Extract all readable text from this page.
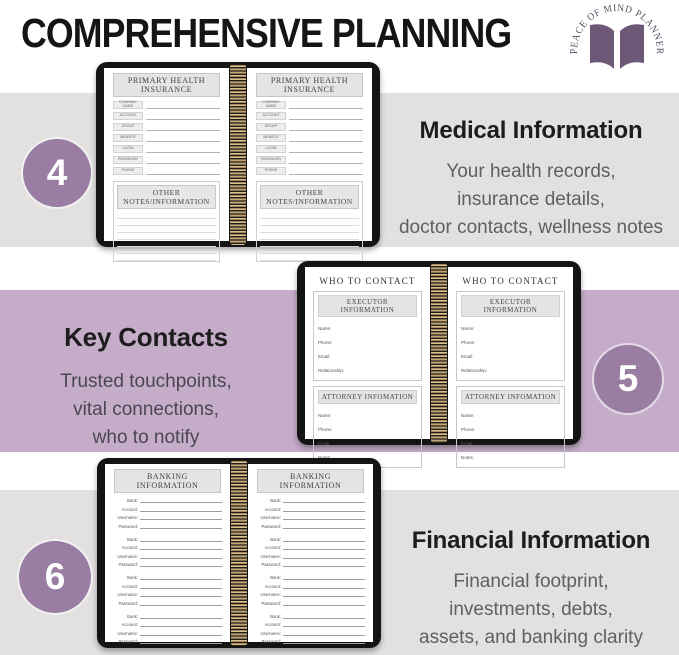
COMPREHENSIVE PLANNING	PEACE OF MIND PLANNER
4
5
6
Medical Information
Your health records,
insurance details,
doctor contacts, wellness notes
Key Contacts
Trusted touchpoints,
vital connections,
who to notify
Financial Information
Financial footprint,
investments, debts,
assets, and banking clarity
PRIMARY HEALTH INSURANCE
COMPANY NAME
ACCOUNT
GROUP
WEBSITE
LOGIN
PASSWORD
PHONE
OTHER NOTES/INFORMATION
PRIMARY HEALTH INSURANCE
COMPANY NAME
ACCOUNT
GROUP
WEBSITE
LOGIN
PASSWORD
PHONE
OTHER NOTES/INFORMATION
WHO TO CONTACT
EXECUTOR INFORMATION
Name:
Phone:
Email:
Relationship:
ATTORNEY INFOMATION
Name:
Phone:
Email:
WHO TO CONTACT
EXECUTOR INFORMATION
Name:
Phone:
Email:
Relationship:
ATTORNEY INFOMATION
Name:
Phone:
Email:
Notes:
BANKING INFORMATION
Bank:
Account:
Username:
Password:
Bank:
Account:
Username:
Password:
Bank:
Account:
Username:
Password:
Bank:
Account:
Username:
Password:
BANKING INFORMATION
Bank:
Account:
Username:
Password:
Bank:
Account:
Username:
Password:
Bank:
Account:
Username:
Password:
Bank:
Account:
Username:
Password:
